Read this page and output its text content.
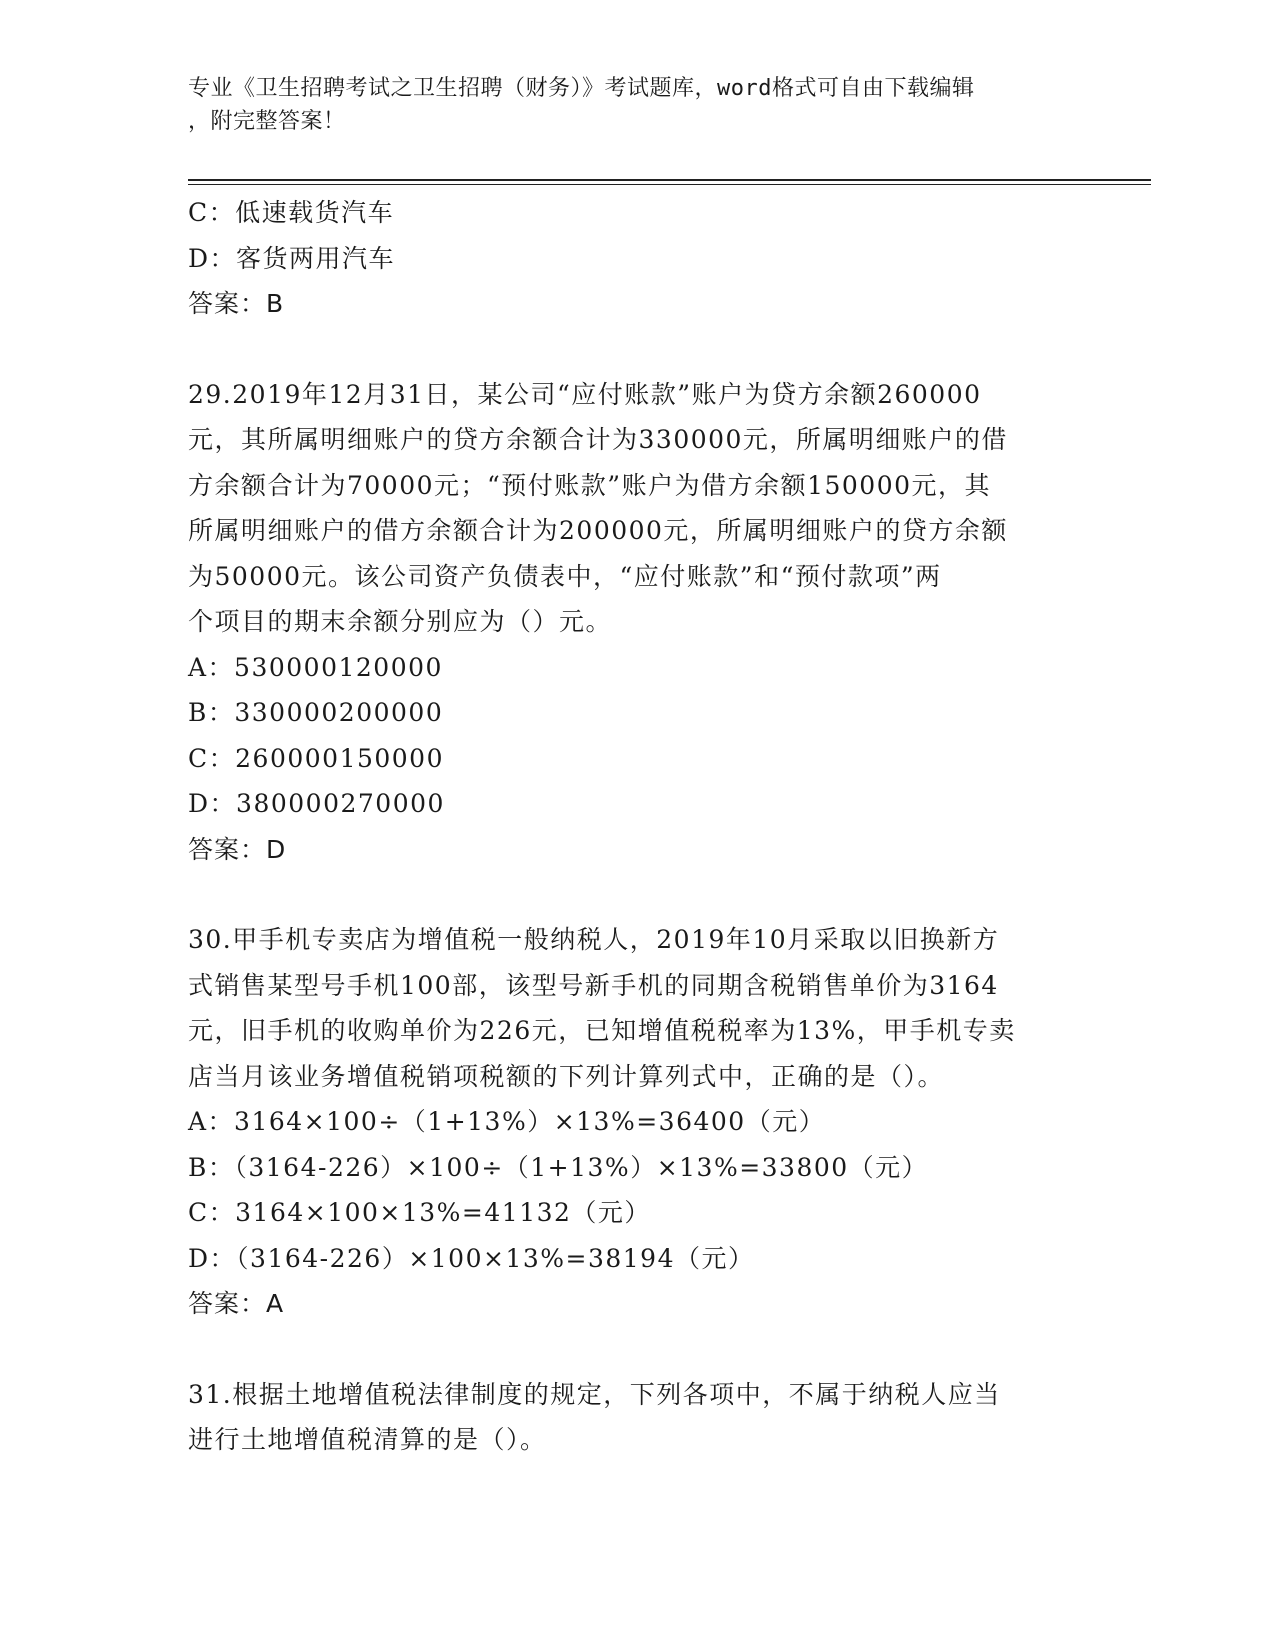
专业《卫生招聘考试之卫生招聘（财务）》考试题库，word格式可自由下载编辑
，附完整答案！
C：低速载货汽车
D：客货两用汽车
答案：B
29.2019年12月31日，某公司“应付账款”账户为贷方余额260000
元，其所属明细账户的贷方余额合计为330000元，所属明细账户的借
方余额合计为70000元；“预付账款”账户为借方余额150000元，其
所属明细账户的借方余额合计为200000元，所属明细账户的贷方余额
为50000元。该公司资产负债表中，“应付账款”和“预付款项”两
个项目的期末余额分别应为（）元。
A：530000120000
B：330000200000
C：260000150000
D：380000270000
答案：D
30.甲手机专卖店为增值税一般纳税人，2019年10月采取以旧换新方
式销售某型号手机100部，该型号新手机的同期含税销售单价为3164
元，旧手机的收购单价为226元，已知增值税税率为13%，甲手机专卖
店当月该业务增值税销项税额的下列计算列式中，正确的是（）。
A：3164×100÷（1+13%）×13%=36400（元）
B：（3164-226）×100÷（1+13%）×13%=33800（元）
C：3164×100×13%=41132（元）
D：（3164-226）×100×13%=38194（元）
答案：A
31.根据土地增值税法律制度的规定，下列各项中，不属于纳税人应当
进行土地增值税清算的是（）。
